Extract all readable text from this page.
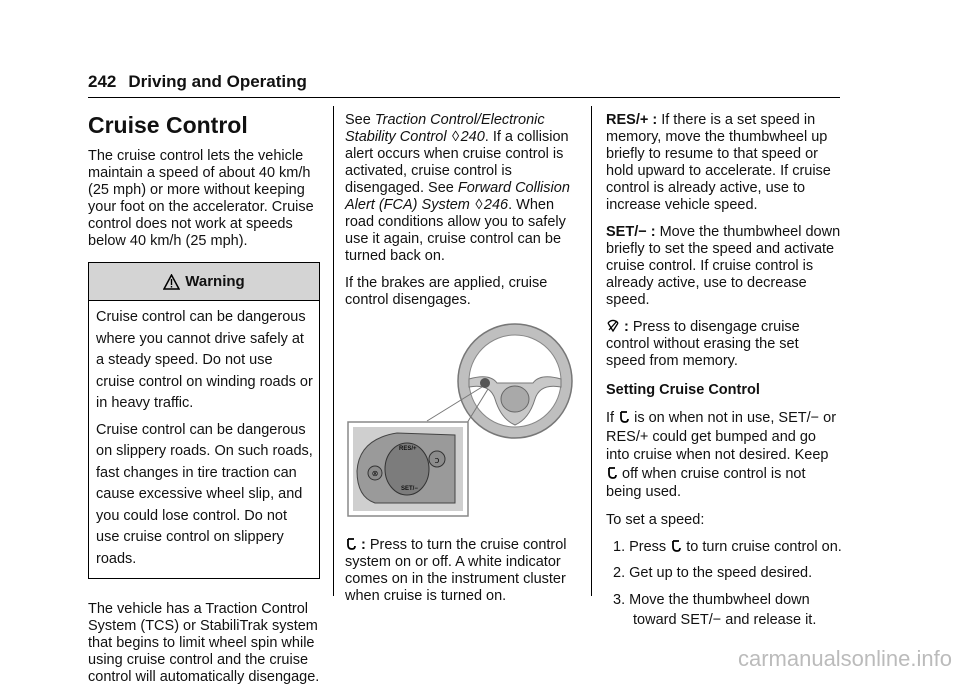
242 Driving and Operating
Cruise Control

The cruise control lets the vehicle maintain a speed of about 40 km/h (25 mph) or more without keeping your foot on the accelerator. Cruise control does not work at speeds below 40 km/h (25 mph).

Warning

Cruise control can be dangerous where you cannot drive safely at a steady speed. Do not use cruise control on winding roads or in heavy traffic.

Cruise control can be dangerous on slippery roads. On such roads, fast changes in tire traction can cause excessive wheel slip, and you could lose control. Do not use cruise control on slippery roads.

The vehicle has a Traction Control System (TCS) or StabiliTrak system that begins to limit wheel spin while using cruise control and the cruise control will automatically disengage.

See Traction Control/Electronic Stability Control ◊240. If a collision alert occurs when cruise control is activated, cruise control is disengaged. See Forward Collision Alert (FCA) System ◊246. When road conditions allow you to safely use it again, cruise control can be turned back on.

If the brakes are applied, cruise control disengages.

ↄ
⊗
RES/+
SET/−

: Press to turn the cruise control system on or off. A white indicator comes on in the instrument cluster when cruise is turned on.

RES/+ : If there is a set speed in memory, move the thumbwheel up briefly to resume to that speed or hold upward to accelerate. If cruise control is already active, use to increase vehicle speed.

SET/− : Move the thumbwheel down briefly to set the speed and activate cruise control. If cruise control is already active, use to decrease speed.

: Press to disengage cruise control without erasing the set speed from memory.

Setting Cruise Control

If  is on when not in use, SET/− or RES/+ could get bumped and go into cruise when not desired. Keep  off when cruise control is not being used.

To set a speed:

1. Press  to turn cruise control on.

2. Get up to the speed desired.

3. Move the thumbwheel down toward SET/− and release it.

carmanualsonline.info
